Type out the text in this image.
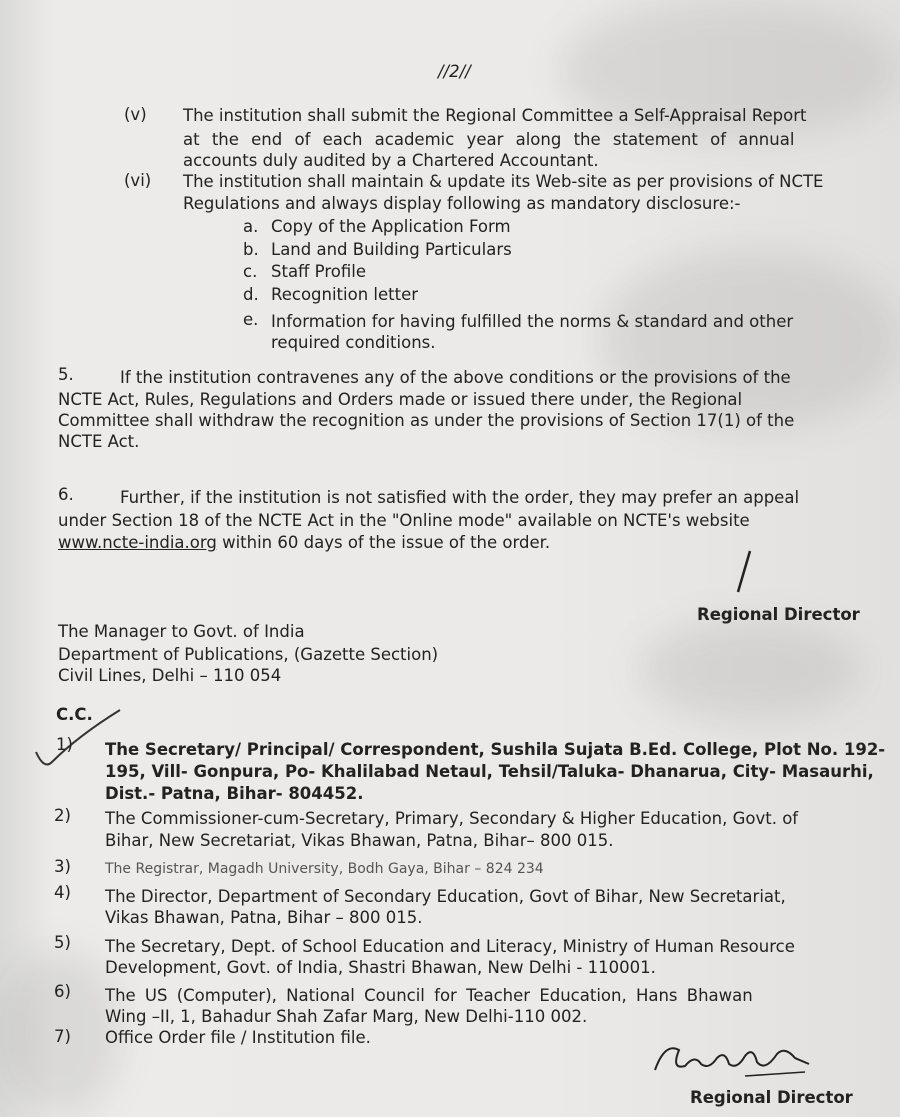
//2//
(v) The institution shall submit the Regional Committee a Self-Appraisal Report
at the end of each academic year along the statement of annual
accounts duly audited by a Chartered Accountant.
(vi) The institution shall maintain & update its Web-site as per provisions of NCTE
Regulations and always display following as mandatory disclosure:-
a. Copy of the Application Form
b. Land and Building Particulars
c. Staff Profile
d. Recognition letter
e. Information for having fulfilled the norms & standard and other
required conditions.
5.	If the institution contravenes any of the above conditions or the provisions of the
NCTE Act, Rules, Regulations and Orders made or issued there under, the Regional
Committee shall withdraw the recognition as under the provisions of Section 17(1) of the
NCTE Act.
6.	Further, if the institution is not satisfied with the order, they may prefer an appeal
under Section 18 of the NCTE Act in the "Online mode" available on NCTE's website
www.ncte-india.org within 60 days of the issue of the order.
Regional Director
The Manager to Govt. of India
Department of Publications, (Gazette Section)
Civil Lines, Delhi – 110 054
C.C.
1) The Secretary/ Principal/ Correspondent, Sushila Sujata B.Ed. College, Plot No. 192-
195, Vill- Gonpura, Po- Khalilabad Netaul, Tehsil/Taluka- Dhanarua, City- Masaurhi,
Dist.- Patna, Bihar- 804452.
2) The Commissioner-cum-Secretary, Primary, Secondary & Higher Education, Govt. of
Bihar, New Secretariat, Vikas Bhawan, Patna, Bihar– 800 015.
3) The Registrar, Magadh University, Bodh Gaya, Bihar – 824 234
4) The Director, Department of Secondary Education, Govt of Bihar, New Secretariat,
Vikas Bhawan, Patna, Bihar – 800 015.
5) The Secretary, Dept. of School Education and Literacy, Ministry of Human Resource
Development, Govt. of India, Shastri Bhawan, New Delhi - 110001.
6) The US (Computer), National Council for Teacher Education, Hans Bhawan
Wing –II, 1, Bahadur Shah Zafar Marg, New Delhi-110 002.
7) Office Order file / Institution file.
Regional Director
